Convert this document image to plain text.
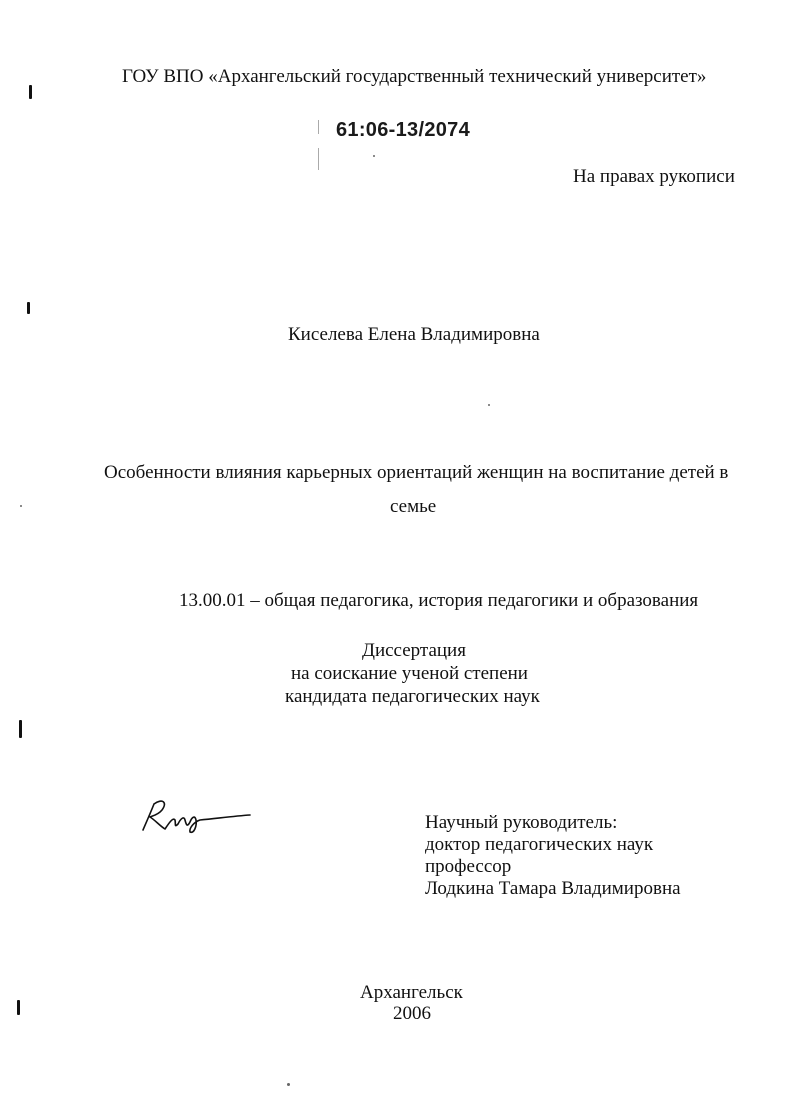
ГОУ ВПО «Архангельский государственный технический университет»
61:06-13/2074
На правах рукописи
Киселева Елена Владимировна
Особенности влияния карьерных ориентаций женщин на воспитание детей в
семье
13.00.01 – общая педагогика, история педагогики и образования
Диссертация
на соискание ученой степени
кандидата педагогических наук
Научный руководитель:
доктор педагогических наук
профессор
Лодкина Тамара Владимировна
Архангельск
2006
